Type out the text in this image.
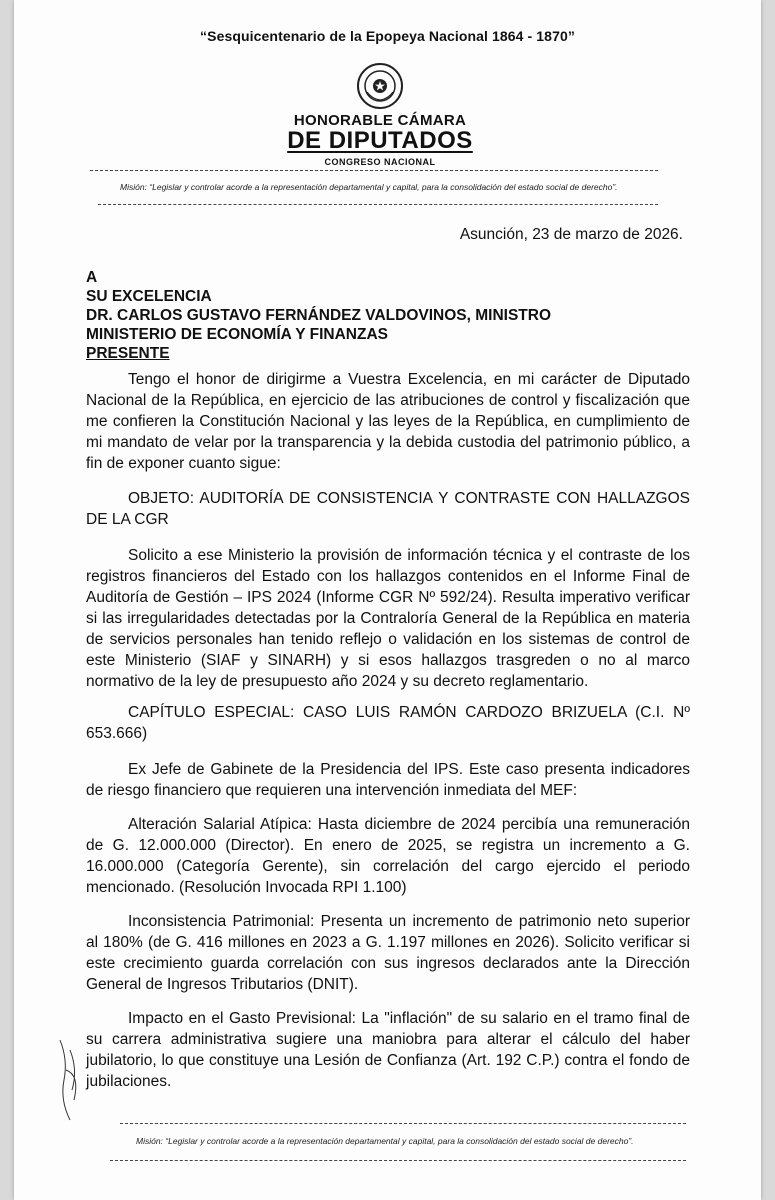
“Sesquicentenario de la Epopeya Nacional 1864 - 1870”
HONORABLE CÁMARA
DE DIPUTADOS
CONGRESO NACIONAL
Misión: “Legislar y controlar acorde a la representación departamental y capital, para la consolidación del estado social de derecho”.
Asunción, 23 de marzo de 2026.
A
SU EXCELENCIA
DR. CARLOS GUSTAVO FERNÁNDEZ VALDOVINOS, MINISTRO
MINISTERIO DE ECONOMÍA Y FINANZAS
PRESENTE

Tengo el honor de dirigirme a Vuestra Excelencia, en mi carácter de Diputado Nacional de la República, en ejercicio de las atribuciones de control y fiscalización que me confieren la Constitución Nacional y las leyes de la República, en cumplimiento de mi mandato de velar por la transparencia y la debida custodia del patrimonio público, a fin de exponer cuanto sigue:

OBJETO: AUDITORÍA DE CONSISTENCIA Y CONTRASTE CON HALLAZGOS DE LA CGR

Solicito a ese Ministerio la provisión de información técnica y el contraste de los registros financieros del Estado con los hallazgos contenidos en el Informe Final de Auditoría de Gestión – IPS 2024 (Informe CGR Nº 592/24). Resulta imperativo verificar si las irregularidades detectadas por la Contraloría General de la República en materia de servicios personales han tenido reflejo o validación en los sistemas de control de este Ministerio (SIAF y SINARH) y si esos hallazgos trasgreden o no al marco normativo de la ley de presupuesto año 2024 y su decreto reglamentario.

CAPÍTULO ESPECIAL: CASO LUIS RAMÓN CARDOZO BRIZUELA (C.I. Nº 653.666)

Ex Jefe de Gabinete de la Presidencia del IPS. Este caso presenta indicadores de riesgo financiero que requieren una intervención inmediata del MEF:

Alteración Salarial Atípica: Hasta diciembre de 2024 percibía una remuneración de G. 12.000.000 (Director). En enero de 2025, se registra un incremento a G. 16.000.000 (Categoría Gerente), sin correlación del cargo ejercido el periodo mencionado. (Resolución Invocada RPI 1.100)

Inconsistencia Patrimonial: Presenta un incremento de patrimonio neto superior al 180% (de G. 416 millones en 2023 a G. 1.197 millones en 2026). Solicito verificar si este crecimiento guarda correlación con sus ingresos declarados ante la Dirección General de Ingresos Tributarios (DNIT).

Impacto en el Gasto Previsional: La "inflación" de su salario en el tramo final de su carrera administrativa sugiere una maniobra para alterar el cálculo del haber jubilatorio, lo que constituye una Lesión de Confianza (Art. 192 C.P.) contra el fondo de jubilaciones.

Misión: “Legislar y controlar acorde a la representación departamental y capital, para la consolidación del estado social de derecho”.
